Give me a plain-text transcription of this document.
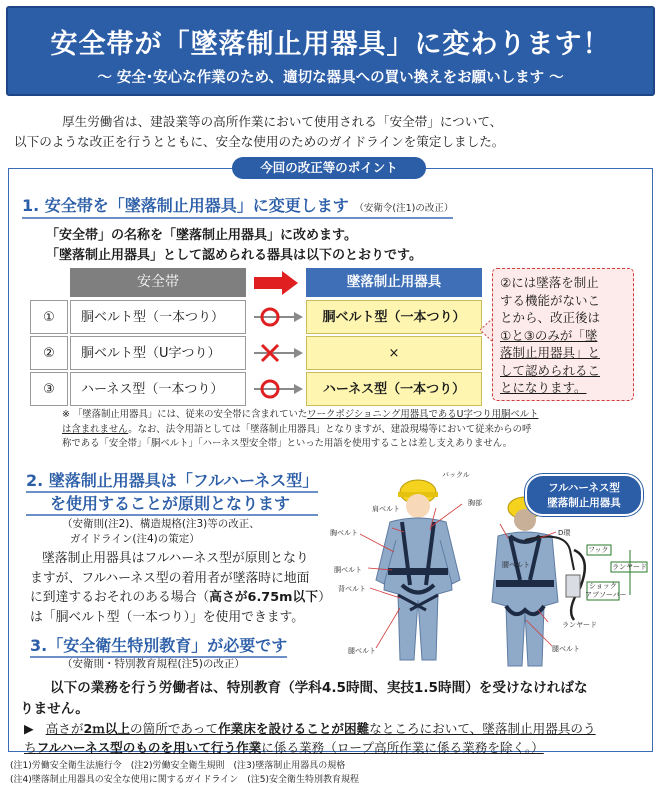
安全帯が「墜落制止用器具」に変わります！
～ 安全･安心な作業のため、適切な器具への買い換えをお願いします ～

厚生労働省は、建設業等の高所作業において使用される「安全帯」について、

以下のような改正を行うとともに、安全な使用のためのガイドラインを策定しました。

今回の改正等のポイント
1. 安全帯を「墜落制止用器具」に変更します （安衛令(注1)の改正）
「安全帯」の名称を「墜落制止用器具」に改めます。
「墜落制止用器具」として認められる器具は以下のとおりです。
安全帯	墜落制止用器具
①	胴ベルト型（一本つり）	胴ベルト型（一本つり）
②	胴ベルト型（U字つり）	×
③	ハーネス型（一本つり）	ハーネス型（一本つり）
②には墜落を制止
する機能がないこ
とから、改正後は
①と③のみが「墜
落制止用器具」と
して認められるこ
とになります。
※ 「墜落制止用器具」には、従来の安全帯に含まれていたワークポジショニング用器具であるU字つり用胴ベルト
は含まれません。なお、法令用語としては「墜落制止用器具」となりますが、建設現場等において従来からの呼
称である「安全帯」「胴ベルト」「ハーネス型安全帯」といった用語を使用することは差し支えありません。
2. 墜落制止用器具は「フルハーネス型」
を使用することが原則となります
（安衛則(注2)、構造規格(注3)等の改正、
ガイドライン(注4)の策定）

墜落制止用器具はフルハーネス型が原則となり

ますが、フルハーネス型の着用者が墜落時に地面

に到達するおそれのある場合（高さが6.75m以下）

は「胴ベルト型（一本つり）」を使用できます。

バックル
肩ベルト
胸ベルト
胴ベルト
背ベルト
腿ベルト
胸部
D環
フック
ランヤード
ショック
アブソーバー
ランヤード
腿ベルト
腰ベルト
フルハーネス型
墜落制止用器具
3.「安全衛生特別教育」が必要です
（安衛則・特別教育規程(注5)の改正）

以下の業務を行う労働者は、特別教育（学科4.5時間、実技1.5時間）を受けなければな

りません。

▶ 高さが2ｍ以上の箇所であって作業床を設けることが困難なところにおいて、墜落制止用器具のう

ちフルハーネス型のものを用いて行う作業に係る業務（ロープ高所作業に係る業務を除く。）

(注1)労働安全衛生法施行令　(注2)労働安全衛生規則　(注3)墜落制止用器具の規格

(注4)墜落制止用器具の安全な使用に関するガイドライン　(注5)安全衛生特別教育規程
